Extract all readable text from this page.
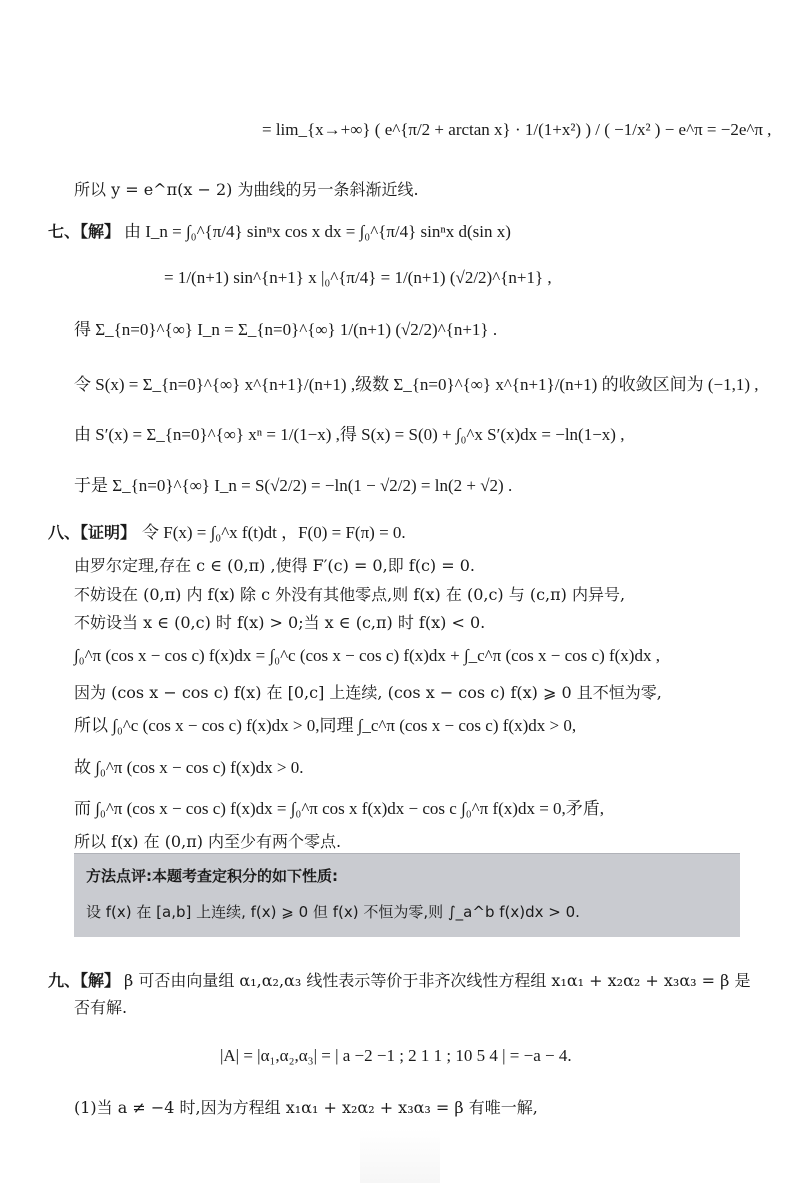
= lim_{x→+∞} ( e^{π/2 + arctan x} · 1/(1+x²) ) / ( −1/x² ) − e^π = −2e^π ,
所以 y = e^π(x − 2) 为曲线的另一条斜渐近线.
七、【解】 由 I_n = ∫₀^{π/4} sinⁿx cos x dx = ∫₀^{π/4} sinⁿx d(sin x)
= 1/(n+1) sin^{n+1} x |₀^{π/4} = 1/(n+1) (√2/2)^{n+1} ,
得 Σ_{n=0}^{∞} I_n = Σ_{n=0}^{∞} 1/(n+1) (√2/2)^{n+1} .
令 S(x) = Σ_{n=0}^{∞} x^{n+1}/(n+1) ,级数 Σ_{n=0}^{∞} x^{n+1}/(n+1) 的收敛区间为 (−1,1) ,
由 S′(x) = Σ_{n=0}^{∞} xⁿ = 1/(1−x) ,得 S(x) = S(0) + ∫₀^x S′(x)dx = −ln(1−x) ,
于是 Σ_{n=0}^{∞} I_n = S(√2/2) = −ln(1 − √2/2) = ln(2 + √2) .
八、【证明】 令 F(x) = ∫₀^x f(t)dt ，F(0) = F(π) = 0.
由罗尔定理,存在 c ∈ (0,π) ,使得 F′(c) = 0,即 f(c) = 0.
不妨设在 (0,π) 内 f(x) 除 c 外没有其他零点,则 f(x) 在 (0,c) 与 (c,π) 内异号,
不妨设当 x ∈ (0,c) 时 f(x) > 0;当 x ∈ (c,π) 时 f(x) < 0.
∫₀^π (cos x − cos c) f(x)dx = ∫₀^c (cos x − cos c) f(x)dx + ∫_c^π (cos x − cos c) f(x)dx ,
因为 (cos x − cos c) f(x) 在 [0,c] 上连续, (cos x − cos c) f(x) ⩾ 0 且不恒为零,
所以 ∫₀^c (cos x − cos c) f(x)dx > 0,同理 ∫_c^π (cos x − cos c) f(x)dx > 0,
故 ∫₀^π (cos x − cos c) f(x)dx > 0.
而 ∫₀^π (cos x − cos c) f(x)dx = ∫₀^π cos x f(x)dx − cos c ∫₀^π f(x)dx = 0,矛盾,
所以 f(x) 在 (0,π) 内至少有两个零点.
方法点评:本题考查定积分的如下性质:
设 f(x) 在 [a,b] 上连续, f(x) ⩾ 0 但 f(x) 不恒为零,则 ∫_a^b f(x)dx > 0.
九、【解】 β 可否由向量组 α₁,α₂,α₃ 线性表示等价于非齐次线性方程组 x₁α₁ + x₂α₂ + x₃α₃ = β 是
否有解.
|A| = |α₁,α₂,α₃| = | a −2 −1 ; 2 1 1 ; 10 5 4 | = −a − 4.
(1)当 a ≠ −4 时,因为方程组 x₁α₁ + x₂α₂ + x₃α₃ = β 有唯一解,
